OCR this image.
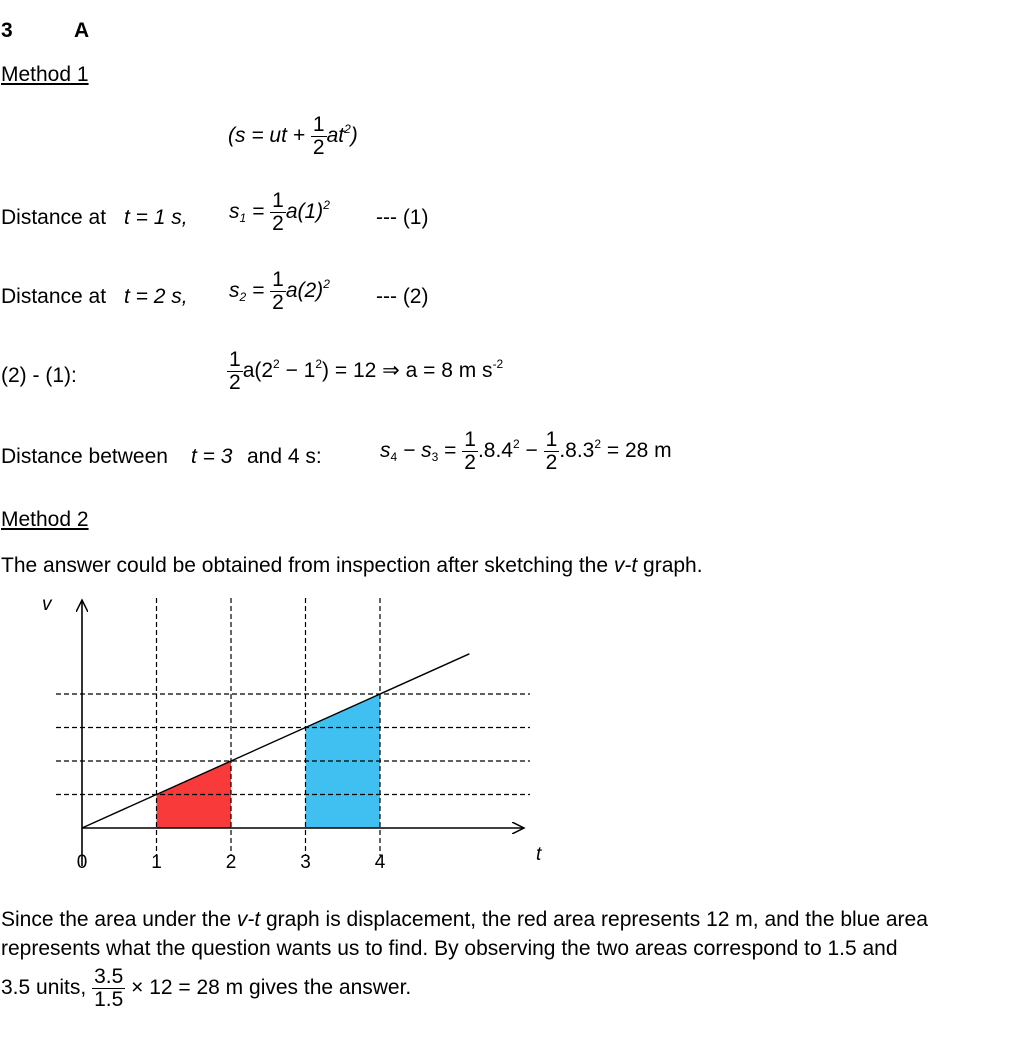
3	A
Method 1
(s = ut + $\frac{1}{2} at^2$)
Distance at t = 1 s, $s_1 = \frac{1}{2} a(1)^2$
--- (1)
Distance at t = 2 s, $s_2 = \frac{1}{2} a(2)^2$
--- (2)
(2) - (1):	$\frac{1}{2} a(2^2 - 1^2) = 12$ ⇒ a = 8 m $s^{-2}$
Distance between t = 3 and 4 s:	$s_4 - s_3 = \frac{1}{2} .8.4^2 - \frac{1}{2} .8.3^2 = 28$ m
Method 2
The answer could be obtained from inspection after sketching the v-t graph.
v
t
0	1	2	3	4
Since the area under the v-t graph is displacement, the red area represents 12 m, and the blue area
represents what the question wants us to find. By observing the two areas correspond to 1.5 and
3.5 units, $\frac{3.5}{1.5} \times 12 = 28$ m gives the answer.
